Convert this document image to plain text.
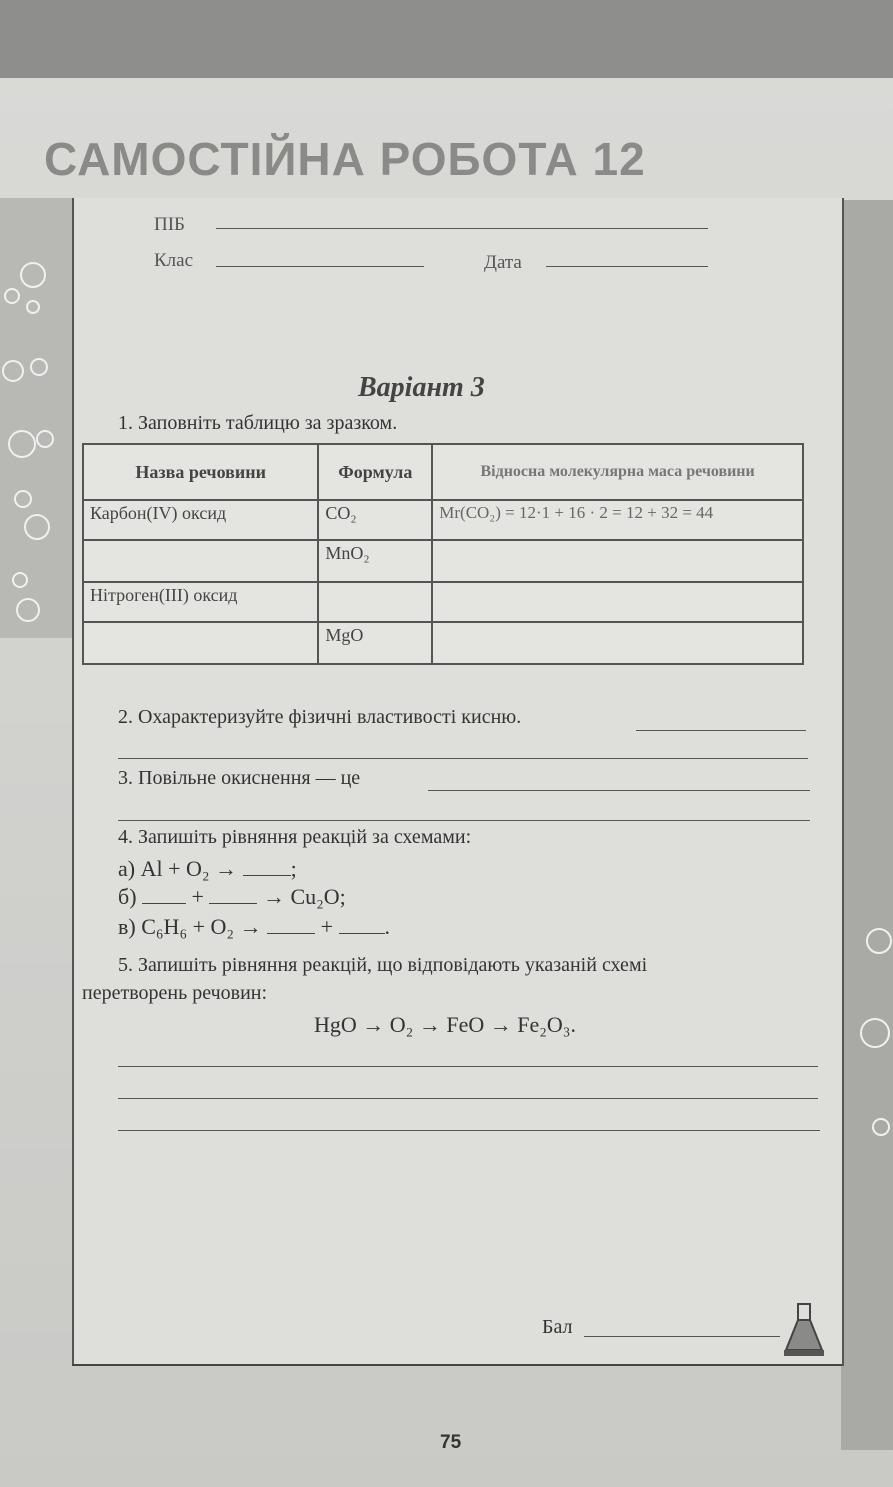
САМОСТІЙНА РОБОТА 12
ПІБ
Клас	Дата
Варіант 3
1. Заповніть таблицю за зразком.
Назва речовини	Формула	Відносна молекулярна маса речовини
Карбон(IV) оксид	CO₂	Mr(CO₂) = 12·1 + 16 · 2 = 12 + 32 = 44
	MnO₂	
Нітроген(ІІІ) оксид		
	MgO	
2. Охарактеризуйте фізичні властивості кисню.
3. Повільне окиснення — це
4. Запишіть рівняння реакцій за схемами:
а) Al + O₂ → ;
б)	+	→ Cu₂O;
в) C₆H₆ + O₂ →	+ .
5. Запишіть рівняння реакцій, що відповідають указаній схемі
перетворень речовин:
HgO → O₂ → FeO → Fe₂O₃.
Бал
75
